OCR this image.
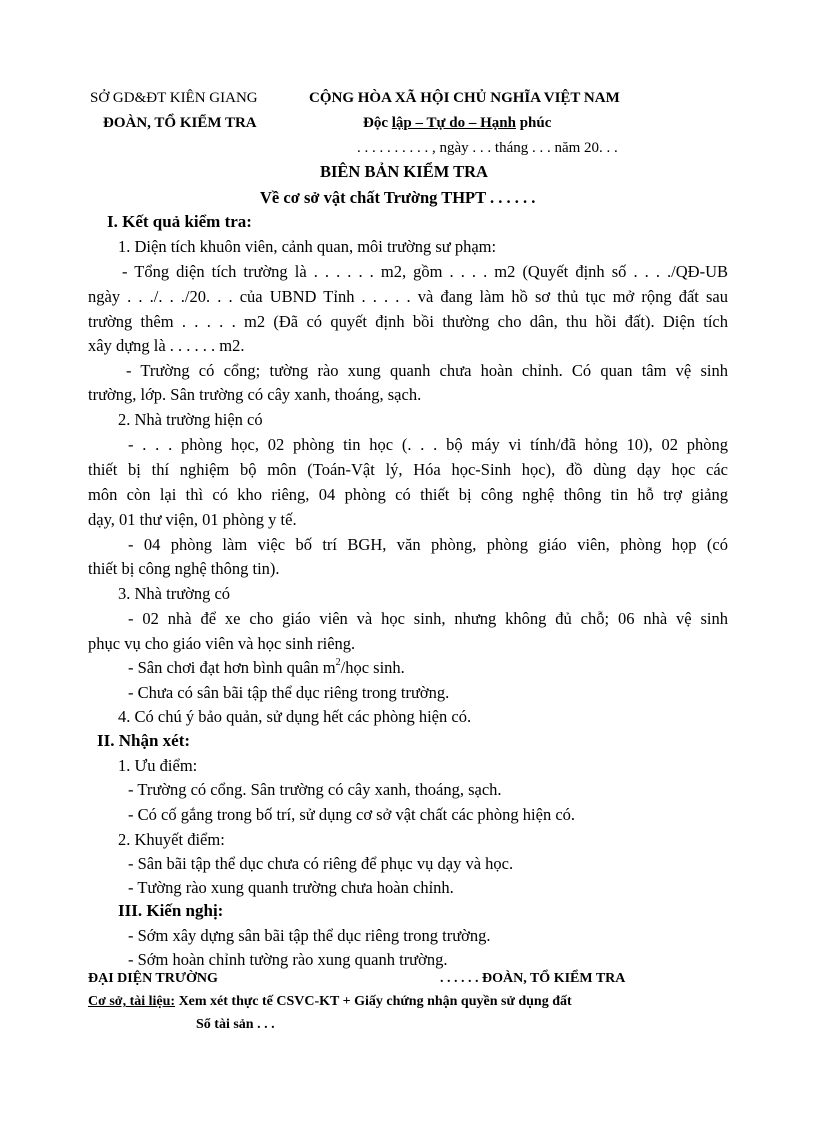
SỞ GD&ĐT KIÊN GIANG
ĐOÀN, TỔ KIỂM TRA
CỘNG HÒA XÃ HỘI CHỦ NGHĨA VIỆT NAM
Độc lập – Tự do – Hạnh phúc
. . . . . . . . . . , ngày . . . tháng . . . năm 20. . .
BIÊN BẢN KIỂM TRA
Về cơ sở vật chất Trường THPT . . . . . .
I. Kết quả kiểm tra:
1. Diện tích khuôn viên, cảnh quan, môi trường sư phạm:
- Tổng diện tích trường là . . . . . . m2, gồm . . . . m2 (Quyết định số . . . ./QĐ-UB
ngày . . ./. . ./20. . . của UBND Tỉnh . . . . . và đang làm hồ sơ thủ tục mở rộng đất sau
trường thêm . . . . . m2 (Đã có quyết định bồi thường cho dân, thu hồi đất). Diện tích
xây dựng là . . . . . . m2.
- Trường có cổng; tường rào xung quanh chưa hoàn chỉnh. Có quan tâm vệ sinh
trường, lớp. Sân trường có cây xanh, thoáng, sạch.
2. Nhà trường hiện có
- . . . phòng học, 02 phòng tin học (. . . bộ máy vi tính/đã hỏng 10), 02 phòng
thiết bị thí nghiệm bộ môn (Toán-Vật lý, Hóa học-Sinh học), đồ dùng dạy học các
môn còn lại thì có kho riêng, 04 phòng có thiết bị công nghệ thông tin hỗ trợ giảng
dạy, 01 thư viện, 01 phòng y tế.
- 04 phòng làm việc bố trí BGH, văn phòng, phòng giáo viên, phòng họp (có
thiết bị công nghệ thông tin).
3. Nhà trường có
- 02 nhà để xe cho giáo viên và học sinh, nhưng không đủ chỗ; 06 nhà vệ sinh
phục vụ cho giáo viên và học sinh riêng.
- Sân chơi đạt hơn bình quân $m^2$/học sinh.
- Chưa có sân bãi tập thể dục riêng trong trường.
4. Có chú ý bảo quản, sử dụng hết các phòng hiện có.
II. Nhận xét:
1. Ưu điểm:
- Trường có cổng. Sân trường có cây xanh, thoáng, sạch.
- Có cố gắng trong bố trí, sử dụng cơ sở vật chất các phòng hiện có.
2. Khuyết điểm:
- Sân bãi tập thể dục chưa có riêng để phục vụ dạy và học.
- Tường rào xung quanh trường chưa hoàn chỉnh.
III. Kiến nghị:
- Sớm xây dựng sân bãi tập thể dục riêng trong trường.
- Sớm hoàn chỉnh tường rào xung quanh trường.
ĐẠI DIỆN TRƯỜNG	. . . . . . ĐOÀN, TỔ KIỂM TRA
Cơ sở, tài liệu: Xem xét thực tế CSVC-KT + Giấy chứng nhận quyền sử dụng đất
Sổ tài sản . . .
